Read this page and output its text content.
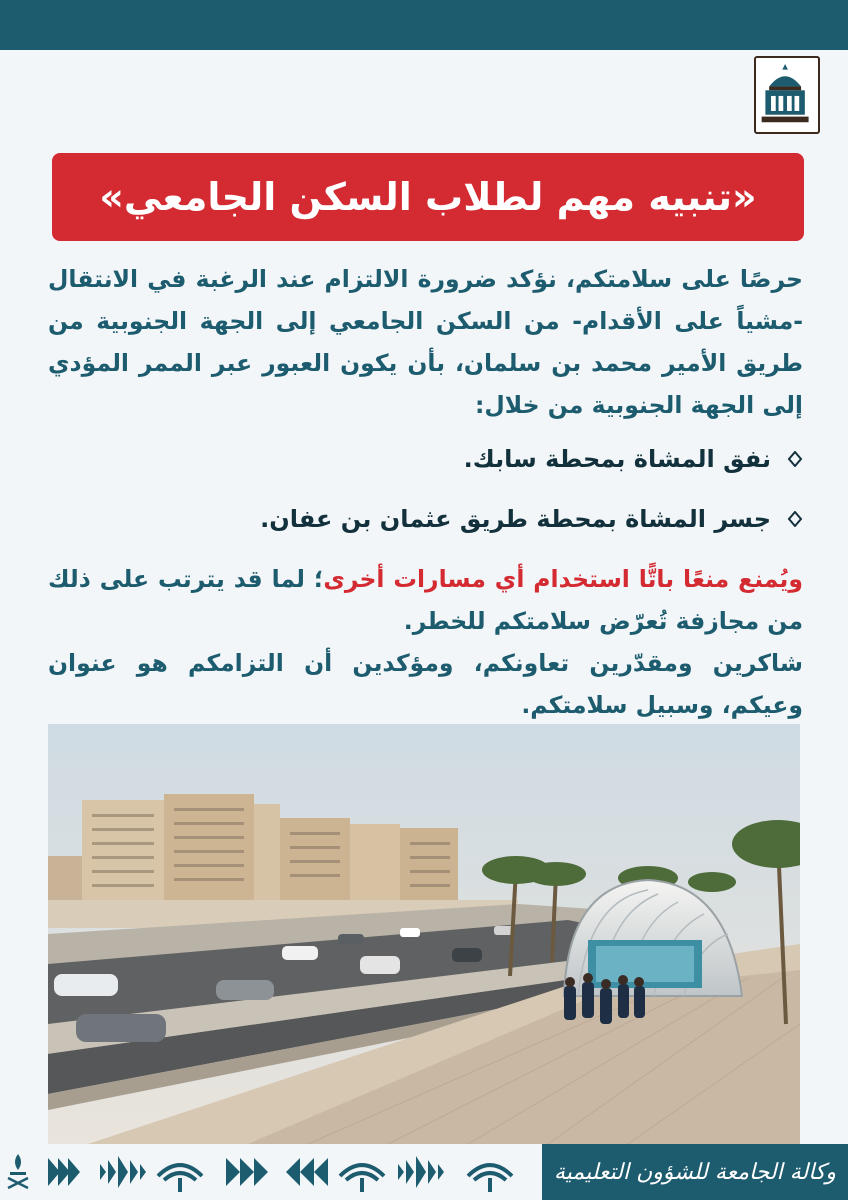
«تنبيه مهم لطلاب السكن الجامعي»

حرصًا على سلامتكم، نؤكد ضرورة الالتزام عند الرغبة في الانتقال -مشياً على الأقدام- من السكن الجامعي إلى الجهة الجنوبية من طريق الأمير محمد بن سلمان، بأن يكون العبور عبر الممر المؤدي إلى الجهة الجنوبية من خلال:

نفق المشاة بمحطة سابك.
جسر المشاة بمحطة طريق عثمان بن عفان.

ويُمنع منعًا باتًّا استخدام أي مسارات أخرى؛ لما قد يترتب على ذلك من مجازفة تُعرّض سلامتكم للخطر.

شاكرين ومقدّرين تعاونكم، ومؤكدين أن التزامكم هو عنوان وعيكم، وسبيل سلامتكم.

وكالة الجامعة للشؤون التعليمية
